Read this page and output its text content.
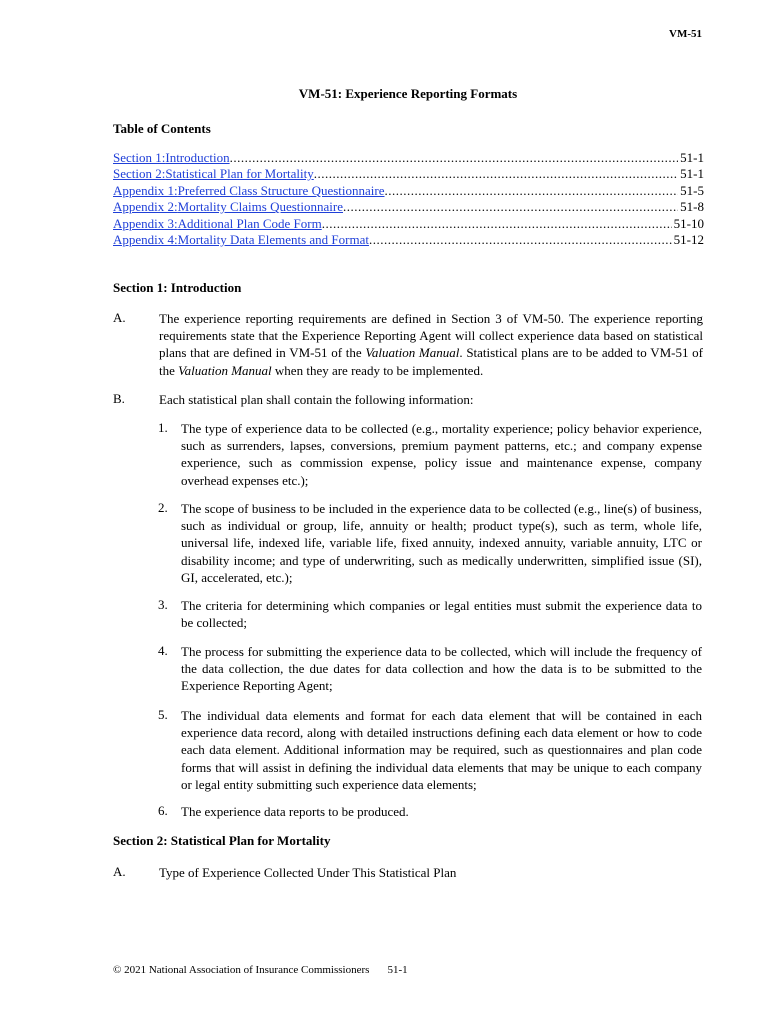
VM-51
VM-51: Experience Reporting Formats
Table of Contents
Section 1: Introduction .....	51-1
Section 2: Statistical Plan for Mortality .....	51-1
Appendix 1: Preferred Class Structure Questionnaire .....	51-5
Appendix 2: Mortality Claims Questionnaire .....	51-8
Appendix 3: Additional Plan Code Form .....	51-10
Appendix 4: Mortality Data Elements and Format .....	51-12
Section 1: Introduction
A.	The experience reporting requirements are defined in Section 3 of VM-50. The experience reporting requirements state that the Experience Reporting Agent will collect experience data based on statistical plans that are defined in VM-51 of the Valuation Manual. Statistical plans are to be added to VM-51 of the Valuation Manual when they are ready to be implemented.
B.	Each statistical plan shall contain the following information:
1. The type of experience data to be collected (e.g., mortality experience; policy behavior experience, such as surrenders, lapses, conversions, premium payment patterns, etc.; and company expense experience, such as commission expense, policy issue and maintenance expense, company overhead expenses etc.);
2. The scope of business to be included in the experience data to be collected (e.g., line(s) of business, such as individual or group, life, annuity or health; product type(s), such as term, whole life, universal life, indexed life, variable life, fixed annuity, indexed annuity, variable annuity, LTC or disability income; and type of underwriting, such as medically underwritten, simplified issue (SI), GI, accelerated, etc.);
3. The criteria for determining which companies or legal entities must submit the experience data to be collected;
4. The process for submitting the experience data to be collected, which will include the frequency of the data collection, the due dates for data collection and how the data is to be submitted to the Experience Reporting Agent;
5. The individual data elements and format for each data element that will be contained in each experience data record, along with detailed instructions defining each data element or how to code each data element. Additional information may be required, such as questionnaires and plan code forms that will assist in defining the individual data elements that may be unique to each company or legal entity submitting such experience data elements;
6. The experience data reports to be produced.
Section 2: Statistical Plan for Mortality
A.	Type of Experience Collected Under This Statistical Plan
© 2021 National Association of Insurance Commissioners 51-1
